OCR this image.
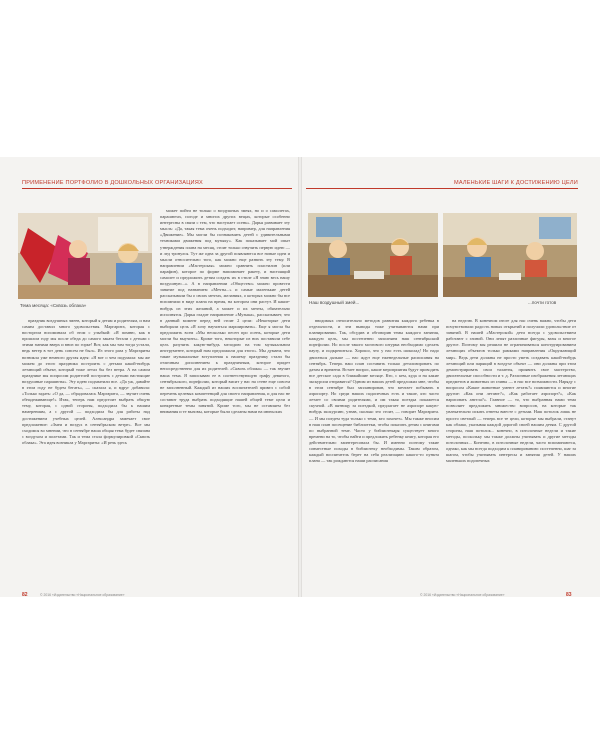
ПРИМЕНЕНИЕ ПОРТФОЛИО В ДОШКОЛЬНЫХ ОРГАНИЗАЦИЯХ	МАЛЕНЬКИЕ ШАГИ К ДОСТИЖЕНИЮ ЦЕЛИ
Тема месяца: «Сквозь облака»
Наш воздушный змей...	...почти готов

праздник воздушных змеев, который я детям и родителям, и нам самим доставил много удовольствия. Маргарита, которая с восторгом вспоминала об этом с улыбкой: «Я помню, как в прошлом году мы после обеда до самого заката бегали с детьми с этими змеями вверх и вниз по горке! Вот, как мы там тогда устали, ведь ветер в тот день совсем не был». Из этого раза у Маргариты возникла уже немного другая идея: «Я вот о чем подумала: мы же можем до этого праздника построить с детьми какой-нибудь летающий объект, который тоже летал бы без ветра. А на самом празднике мы попросим родителей построить с детьми настоящие воздушные парашюты». Эту идею подхватили все. «Да уж, давайте в этом году не будем бегать», — сказала я, и вдруг добавила: «Только задать: «О да, — обрадовалась Маргарита, — звучит очень обнадеживающе!» Итак, теперь нам предстоит выбрать общую тему, которая, с одной стороны, подходила бы к нашим намерениям, а с другой — подходила бы для работы над достижением учебных целей. Александра замечает свое предложение: «Змеи и воздух в сентябрьском ветре». Все мы сходимся во мнении, что в сентябре наша общая тема будет связана с воздухом и полетами. Так и тема стала формулировкой «Сквозь облака». Эта идея возникла у Маргариты: «И речь здесь

может пойти не только о воздушных змеях, но и о самолетах, парашютах, погоде и многих других вещах, которые особенно интересны в связи с тем, что наступает осень». Дарья развивает эту мысль: «Да, такая тема очень подходит, например, для направления «Движение». Мы могли бы познакомить детей с удивительными техниками движения под музыку». Как показывает мой опыт утверждения плана на месяц, стоит только озвучить первую идею — и лед тронулся. Тут же одна за другой появляются все новые идеи и мысли относительно того, как можно еще развить эту тему. В направлении «Мастерская» можно сравнить пластилин (или парафин), которое по форме напоминает ракету, и настоящий самолет и предложить детям создать их в стиле «Я знаю весь нашу воздушную...». А в направлении «Общество» можно провести занятие под названием «Мечты...» и самые маленькие детей рассказывали бы о своих мечтах, желаниях, о которых можно бы все вспомнили в виде плана на время, на котором они растут. И какие-нибудь из этих желаний, а может и их мечты, обязательно исполнятся. Дарья гладит направление «Музыка», рассказывает, что в данный момент перед ней стоит 2 цели: «Некоторые дети выбирали цель «Я хочу научиться маршировать». Еще я могла бы предложить всем «Мы несколько песен про осень, которые дети могли бы выучить». Кроме того, некоторые из них поставили себе цель разучить какую-нибудь мелодию на том музыкальном инструменте, который нам предложили для этого». Мы думаем, что такие музыкальные вступления к нашему празднику стали бы отличным дополнением к праздничным, которое придет непосредственно для их родителей. «Сквозь облака» — так звучит наша тема. Я записываю ее в соответствующую графу девятого, сентябрьского, портфолио, который висит у нас на стене еще совсем не заполненный. Каждый из наших воспитателей привел с собой перечень целевых компетенций для своего направления, и для нас не составит труда выбрать подходящие нашей общей теме цели и конкретные темы занятий. Кроме того, мы не оставляем без внимания и те вызовы, которые были сделаны нами на июньских

вводимых относительно методов развития каждого ребенка в отдельности, и эти выводы тоже учитываются нами при планировании. Так, обсудив и обговорив темы каждого занятия, каждую цель, мы постепенно заполняем наш сентябрьский портфолио. Но после такого мозгового штурма необходимо сделать паузу, и подкрепиться. Хорошо, что у нас есть шоколад! Но надо двигаться дальше — нас ждут еще еженедельные расписания на сентябрь. Теперь наш план составить только детализировать по датам и времени. Встает вопрос, какие мероприятия будут проводить все детское сада в ближайшие месяце. Кто, с кем, куда и на какие экскурсии отправятся? Одним из наших детей предложил мне, чтобы в этом сентябре был запланирован, что мечтает побывать в аэропорту. Но среди наших подопечных есть и такие, кто часто летает со своими родителями, и им такая поездка покажется скучной. «В пятницу за поездкой, предлагает не аэропорт какую-нибудь экскурсию, узнав, сколько это стоит, — говорит Маргарита. — И мы поедем туда только с теми, кто захочет». Мы также вносим в наш план посещение библиотеки, чтобы показать детям с книгами по выбранной теме. Часто у библиотекаря существует много времени на то, чтобы найти и предложить ребенку книгу, которая его действительно заинтересовала бы. И именно поэтому такие совместные походы в библиотеку необходимы. Таким образом, каждый воспитатель берет на себя реализацию какого-то пункта плана — так рождаются наши расписания

на неделю. В конечном итоге для нас очень важно, чтобы дети почувствовали радость новых открытий и получили удовольствие от занятий. В нашей «Мастерской» дети всегда с удовольствием работают с глиной. Они лепят различные фигуры, вазы и многое другое. Поэтому мы решили не ограничиваться конструированием летающих объектов только рамками направления «Окружающий мир». Ведь дети должны не просто уметь создавать какой-нибудь летающий или парящий в воздухе объект — они должны при этом демонстрировать свои таланты, проявить свое мастерство, двигательные способности и т. д. Различные изображения летающих предметов и животных из глины — в нас все возможности. Наряду с вопросом «Какие животные умеют летать?» появляются и многие другие: «Как они летают?», «Как работает аэропорт?», «Как нарисовать ангела?». Главное — то, что выбранная нами тема позволяет предложить множество вопросов, на которые так увлекательно искать ответы вместе с детьми. Наш потолок лишь не просто светлый — теперь все те цели, которые мы выбрали, станут как облако, указывая каждой дорогой своей нашим детям. С другой стороны, наш потолок... конечно, в потолочные недели и такие методы, поскольку мы также должны учитывать и другие методы потолочных... Конечно, в потолочные недели, часто вспоминаются, однако, как мы всегда подходим к планированию: постепенно, шаг за шагом, чтобы учитывать интересы и занятия детей. У наших маленьких подопечных

82	© 2016 «Издательство «Национальное образование»	© 2016 «Издательство «Национальное образование»	83
